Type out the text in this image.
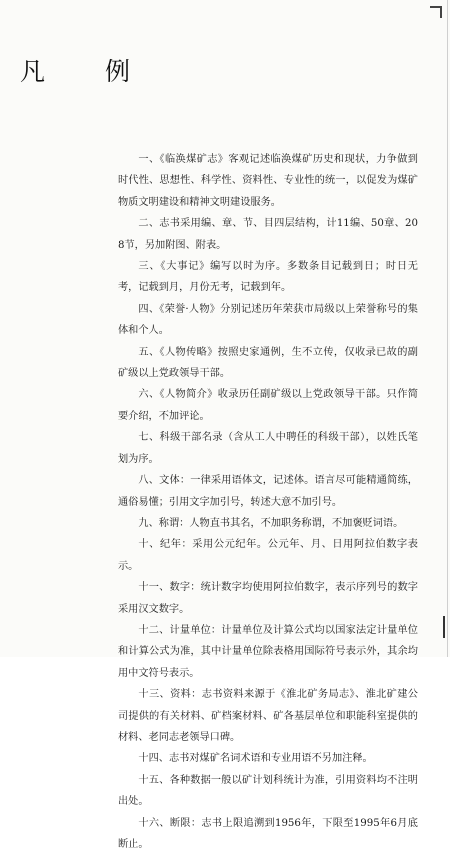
凡 例

一、《临涣煤矿志》客观记述临涣煤矿历史和现状，力争做到时代性、思想性、科学性、资料性、专业性的统一，以促发为煤矿物质文明建设和精神文明建设服务。

二、志书采用编、章、节、目四层结构，计11编、50章、208节，另加附图、附表。

三、《大事记》编写以时为序。多数条目记载到日；时日无考，记载到月，月份无考，记载到年。

四、《荣誉·人物》分别记述历年荣获市局级以上荣誉称号的集体和个人。

五、《人物传略》按照史家通例，生不立传，仅收录已故的副矿级以上党政领导干部。

六、《人物简介》收录历任副矿级以上党政领导干部。只作简要介绍，不加评论。

七、科级干部名录（含从工人中聘任的科级干部），以姓氏笔划为序。

八、文体：一律采用语体文，记述体。语言尽可能精通简练，通俗易懂；引用文字加引号，转述大意不加引号。

九、称谓：人物直书其名，不加职务称谓，不加褒贬词语。

十、纪年：采用公元纪年。公元年、月、日用阿拉伯数字表示。

十一、数字：统计数字均使用阿拉伯数字，表示序列号的数字采用汉文数字。

十二、计量单位：计量单位及计算公式均以国家法定计量单位和计算公式为准，其中计量单位除表格用国际符号表示外，其余均用中文符号表示。

十三、资料：志书资料来源于《淮北矿务局志》、淮北矿建公司提供的有关材料、矿档案材料、矿各基层单位和职能科室提供的材料、老同志老领导口碑。

十四、志书对煤矿名词术语和专业用语不另加注释。

十五、各种数据一般以矿计划科统计为准，引用资料均不注明出处。

十六、断限：志书上限追溯到1956年，下限至1995年6月底断止。
